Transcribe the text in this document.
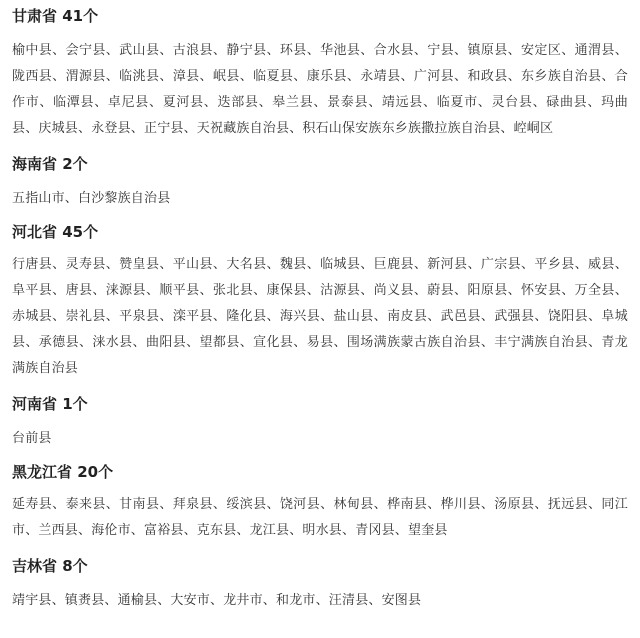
甘肃省 41个

榆中县、会宁县、武山县、古浪县、静宁县、环县、华池县、合水县、宁县、镇原县、安定区、通渭县、陇西县、渭源县、临洮县、漳县、岷县、临夏县、康乐县、永靖县、广河县、和政县、东乡族自治县、合作市、临潭县、卓尼县、夏河县、迭部县、皋兰县、景泰县、靖远县、临夏市、灵台县、碌曲县、玛曲县、庆城县、永登县、正宁县、天祝藏族自治县、积石山保安族东乡族撒拉族自治县、崆峒区

海南省 2个

五指山市、白沙黎族自治县

河北省 45个

行唐县、灵寿县、赞皇县、平山县、大名县、魏县、临城县、巨鹿县、新河县、广宗县、平乡县、威县、阜平县、唐县、涞源县、顺平县、张北县、康保县、沽源县、尚义县、蔚县、阳原县、怀安县、万全县、赤城县、崇礼县、平泉县、滦平县、隆化县、海兴县、盐山县、南皮县、武邑县、武强县、饶阳县、阜城县、承德县、涞水县、曲阳县、望都县、宣化县、易县、围场满族蒙古族自治县、丰宁满族自治县、青龙满族自治县

河南省 1个

台前县

黑龙江省 20个

延寿县、泰来县、甘南县、拜泉县、绥滨县、饶河县、林甸县、桦南县、桦川县、汤原县、抚远县、同江市、兰西县、海伦市、富裕县、克东县、龙江县、明水县、青冈县、望奎县

吉林省 8个

靖宇县、镇赉县、通榆县、大安市、龙井市、和龙市、汪清县、安图县
